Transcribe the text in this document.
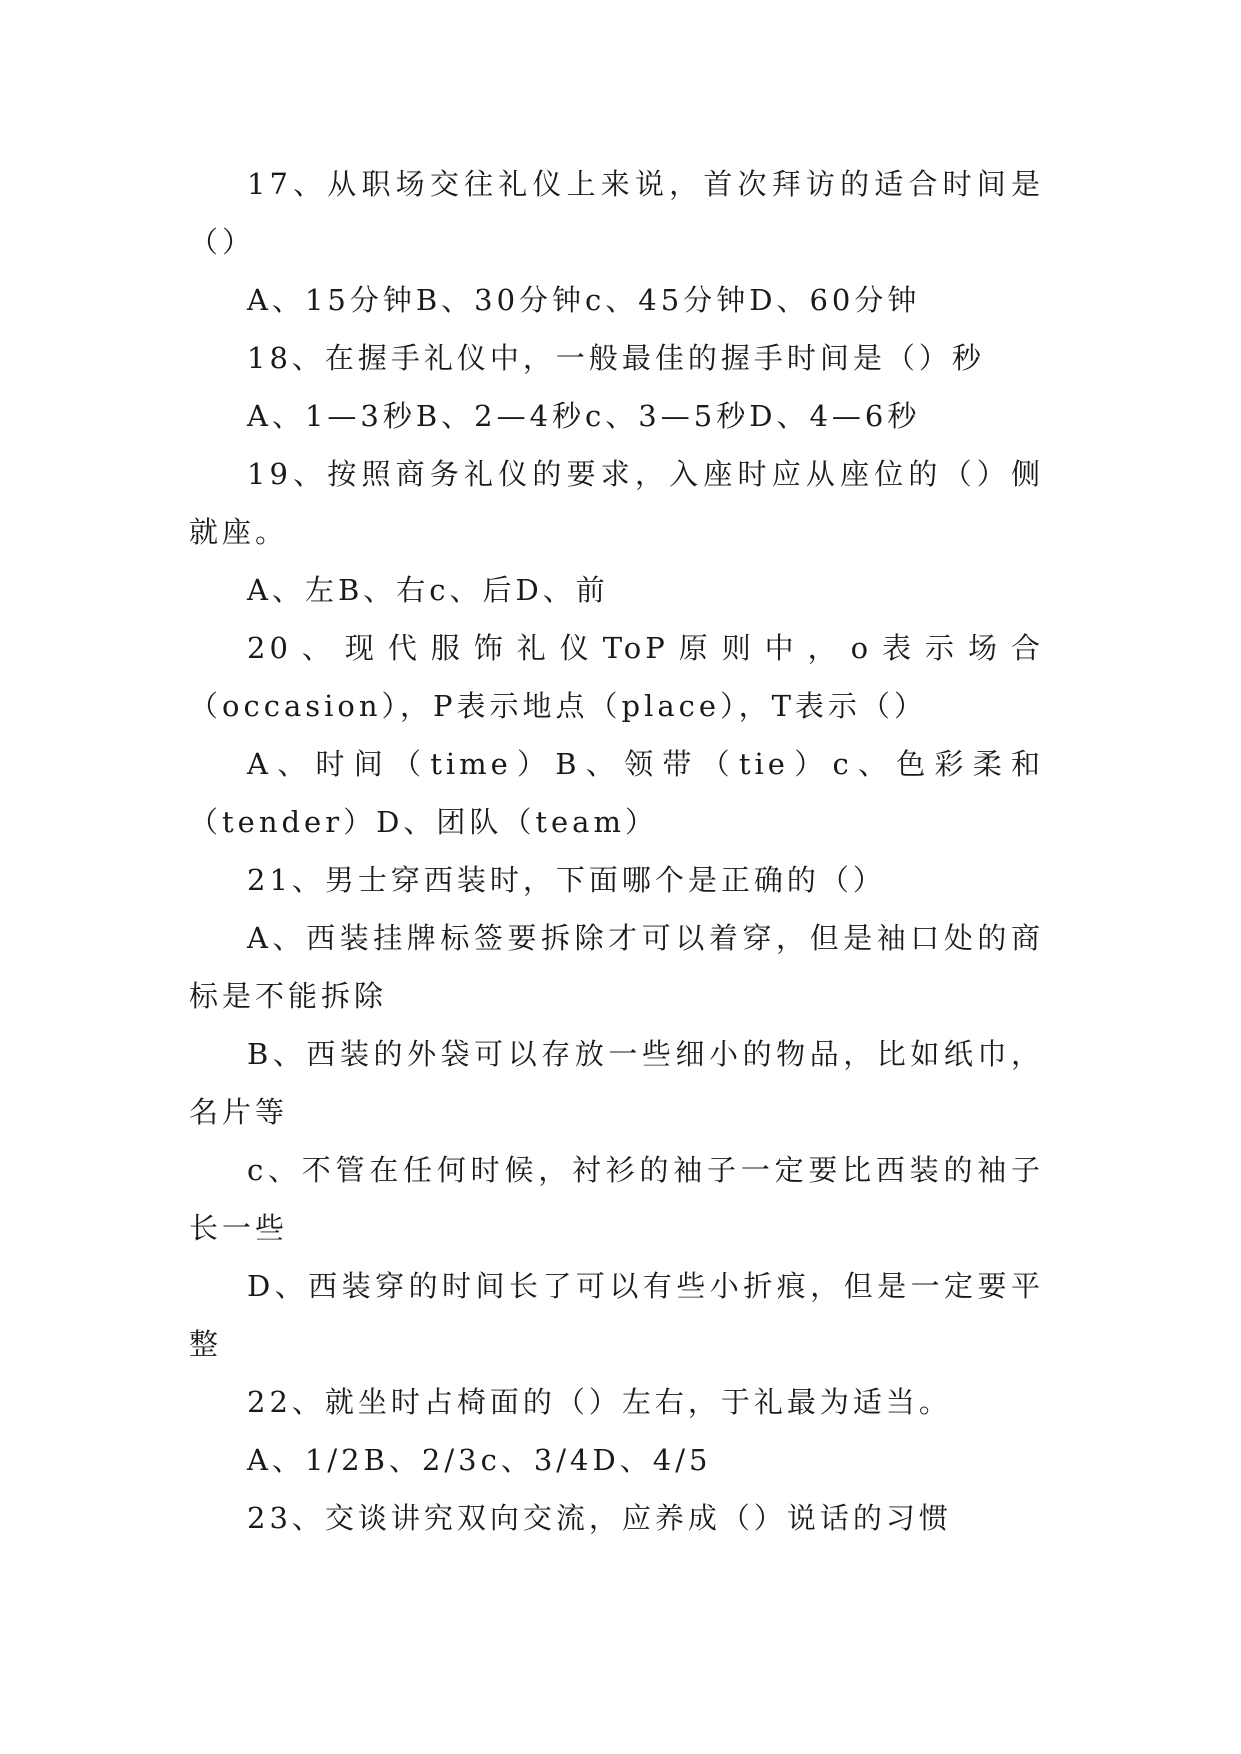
17、从职场交往礼仪上来说，首次拜访的适合时间是（）

A、15分钟B、30分钟c、45分钟D、60分钟

18、在握手礼仪中，一般最佳的握手时间是（）秒

A、1—3秒B、2—4秒c、3—5秒D、4—6秒

19、按照商务礼仪的要求，入座时应从座位的（）侧就座。

A、左B、右c、后D、前

20、现代服饰礼仪ToP原则中，o表示场合（occasion），P表示地点（place），T表示（）

A、时间（time）B、领带（tie）c、色彩柔和（tender）D、团队（team）

21、男士穿西装时，下面哪个是正确的（）

A、西装挂牌标签要拆除才可以着穿，但是袖口处的商标是不能拆除

B、西装的外袋可以存放一些细小的物品，比如纸巾，名片等

c、不管在任何时候，衬衫的袖子一定要比西装的袖子长一些

D、西装穿的时间长了可以有些小折痕，但是一定要平整

22、就坐时占椅面的（）左右，于礼最为适当。

A、1/2B、2/3c、3/4D、4/5

23、交谈讲究双向交流，应养成（）说话的习惯
